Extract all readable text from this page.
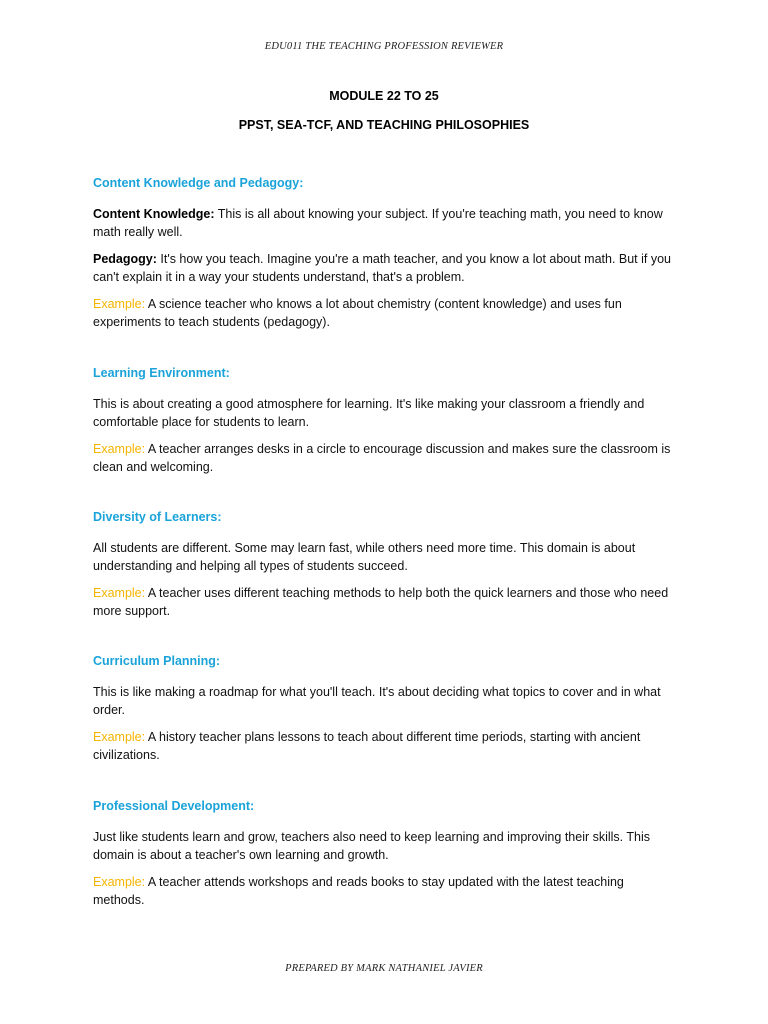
EDU011 THE TEACHING PROFESSION REVIEWER
MODULE 22 TO 25
PPST, SEA-TCF, AND TEACHING PHILOSOPHIES
Content Knowledge and Pedagogy:

Content Knowledge: This is all about knowing your subject. If you're teaching math, you need to know math really well.

Pedagogy: It's how you teach. Imagine you're a math teacher, and you know a lot about math. But if you can't explain it in a way your students understand, that's a problem.

Example: A science teacher who knows a lot about chemistry (content knowledge) and uses fun experiments to teach students (pedagogy).

Learning Environment:

This is about creating a good atmosphere for learning. It's like making your classroom a friendly and comfortable place for students to learn.

Example: A teacher arranges desks in a circle to encourage discussion and makes sure the classroom is clean and welcoming.

Diversity of Learners:

All students are different. Some may learn fast, while others need more time. This domain is about understanding and helping all types of students succeed.

Example: A teacher uses different teaching methods to help both the quick learners and those who need more support.

Curriculum Planning:

This is like making a roadmap for what you'll teach. It's about deciding what topics to cover and in what order.

Example: A history teacher plans lessons to teach about different time periods, starting with ancient civilizations.

Professional Development:

Just like students learn and grow, teachers also need to keep learning and improving their skills. This domain is about a teacher's own learning and growth.

Example: A teacher attends workshops and reads books to stay updated with the latest teaching methods.

PREPARED BY MARK NATHANIEL JAVIER
